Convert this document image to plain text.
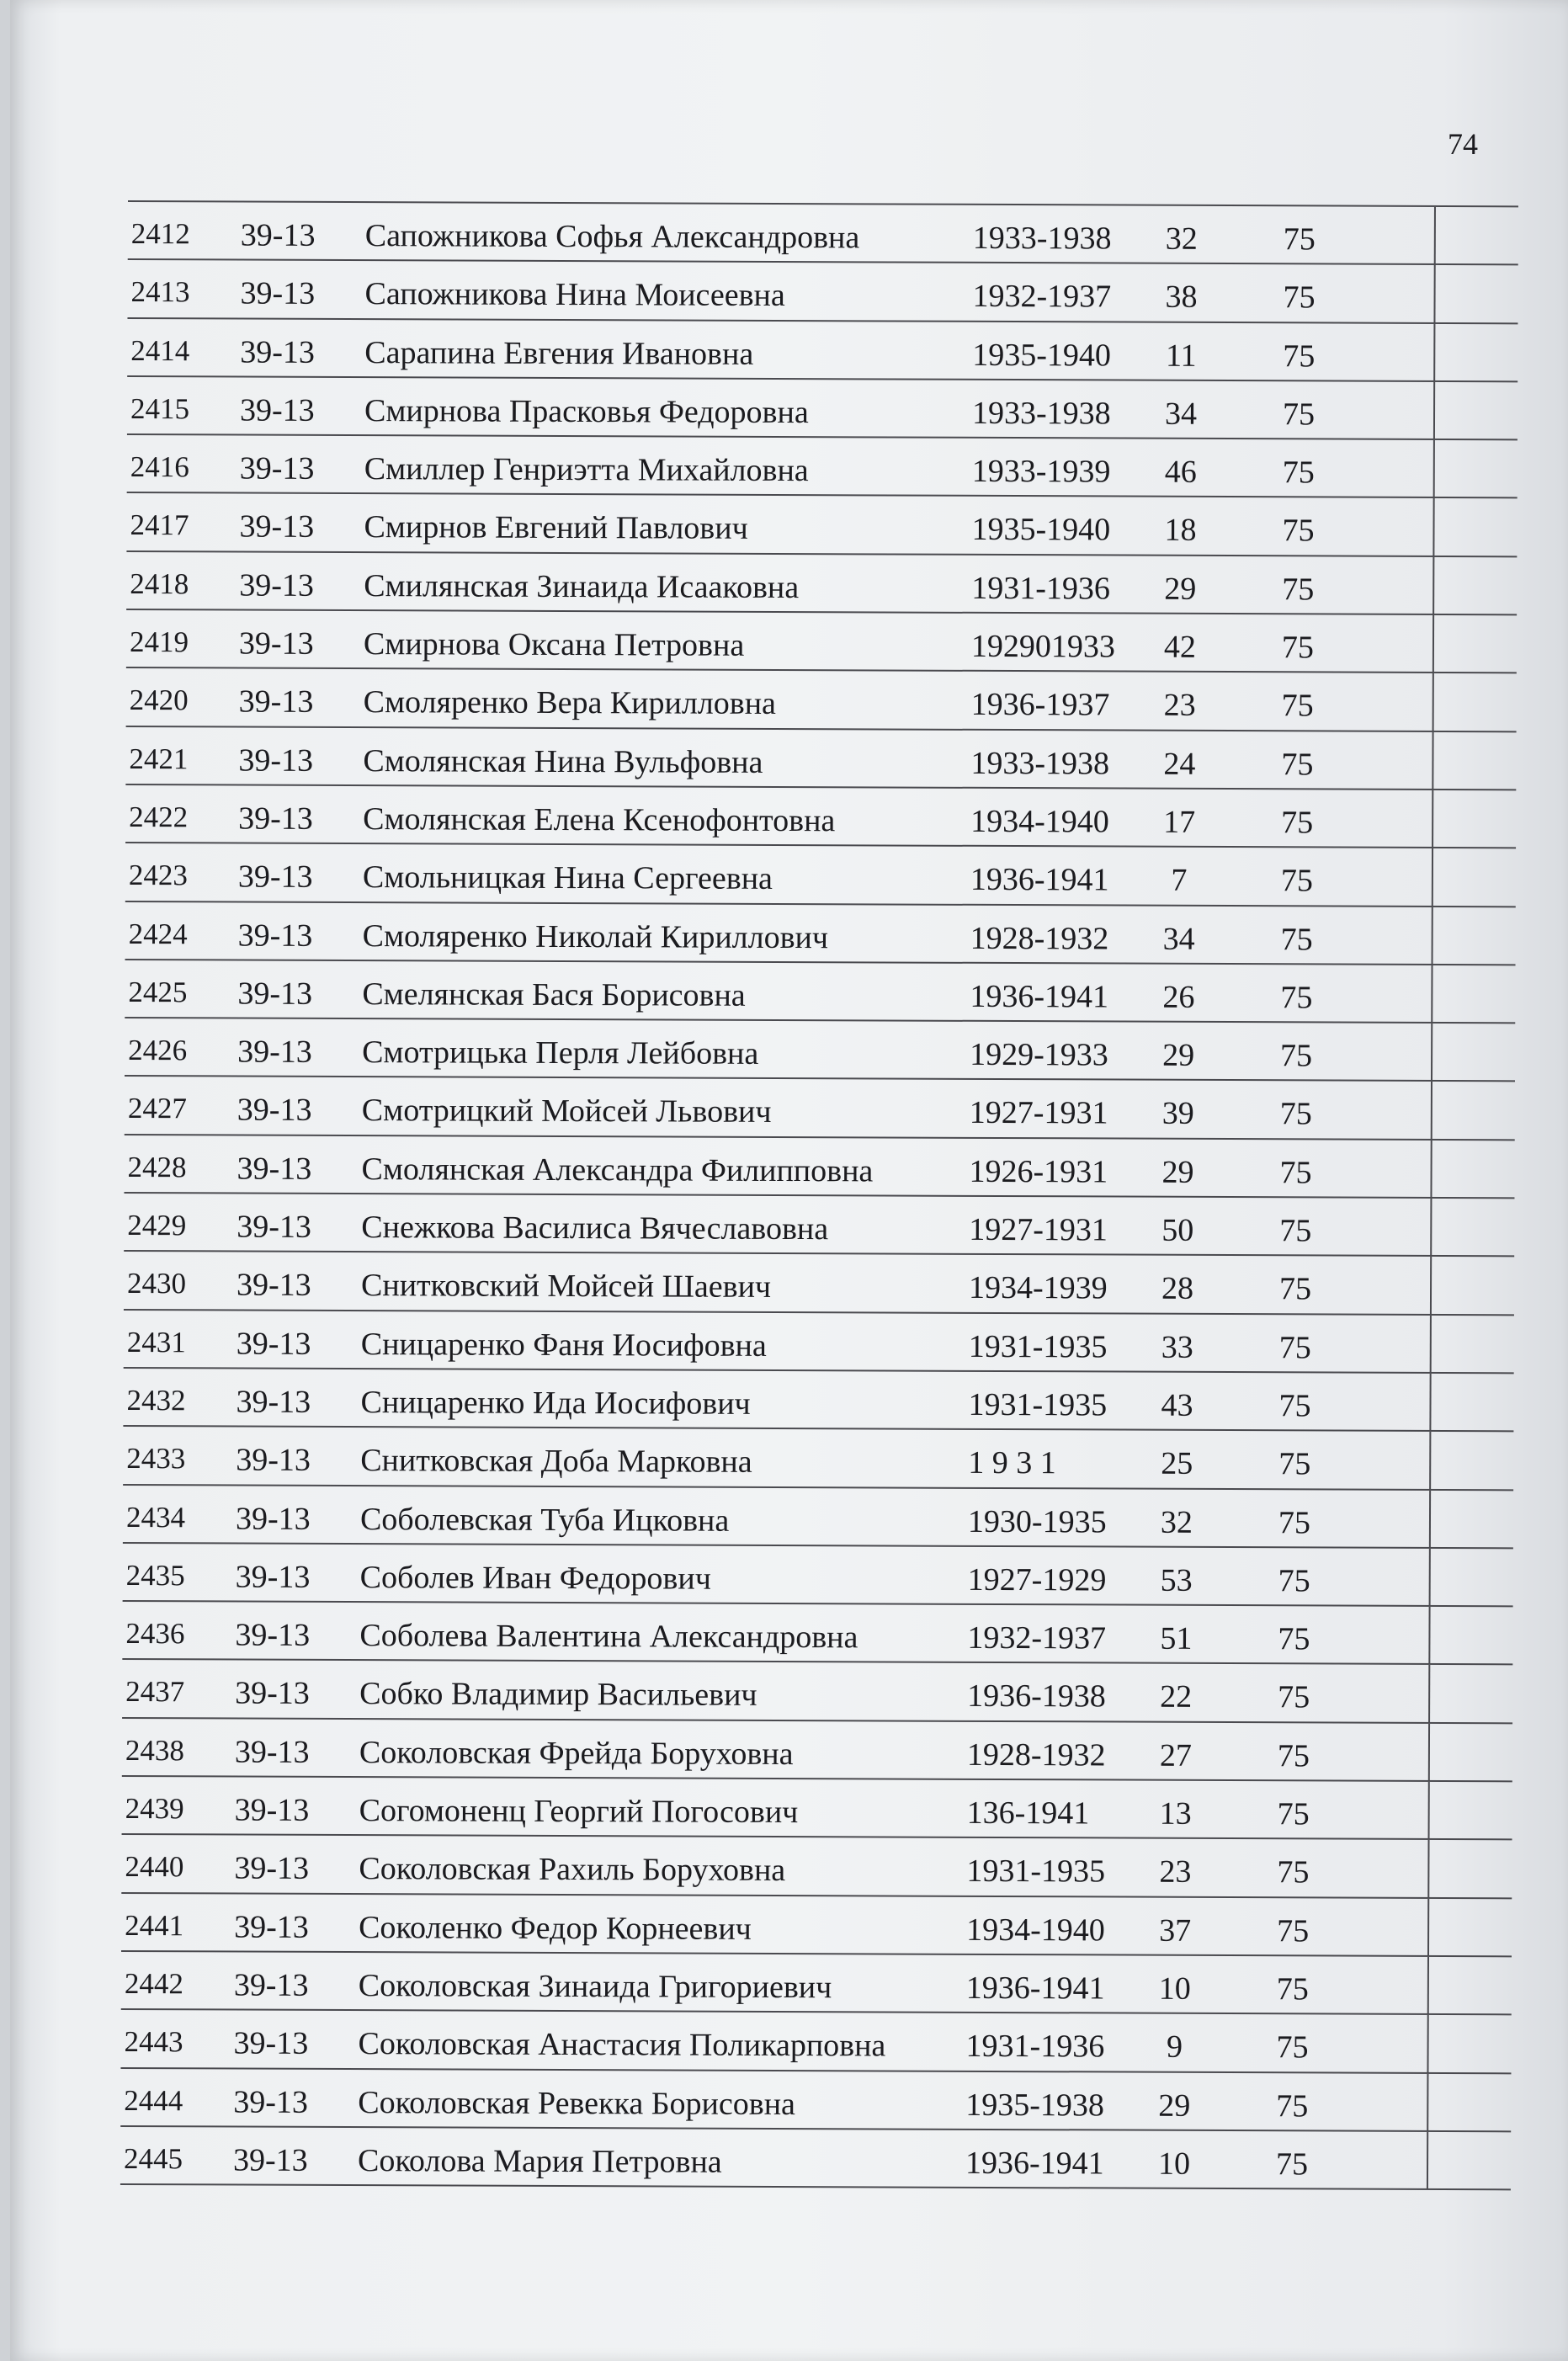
74
2412 39-13 Сапожникова Софья Александровна	1933-1938 32	75
2413 39-13 Сапожникова Нина Моисеевна	1932-1937 38	75
2414 39-13 Сарапина Евгения Ивановна	1935-1940	11	75
2415 39-13 Смирнова Прасковья Федоровна	1933-1938 34	75
2416 39-13 Смиллер Генриэтта Михайловна	1933-1939 46	75
2417 39-13 Смирнов Евгений Павлович	1935-1940 18	75
2418 39-13 Смилянская Зинаида Исааковна	1931-1936 29	75
2419 39-13 Смирнова Оксана Петровна	192901933 42	75
2420 39-13 Смоляренко Вера Кирилловна	1936-1937 23	75
2421 39-13 Смолянская Нина Вульфовна	1933-1938 24	75
2422 39-13 Смолянская Елена Ксенофонтовна	1934-1940 17	75
2423 39-13 Смольницкая Нина Сергеевна	1936-1941	7	75
2424 39-13 Смоляренко Николай Кириллович	1928-1932 34	75
2425 39-13 Смелянская Бася Борисовна	1936-1941 26	75
2426 39-13 Смотрицька Перля Лейбовна	1929-1933 29	75
2427 39-13 Смотрицкий Мойсей Львович	1927-1931 39	75
2428 39-13 Смолянская Александра Филипповна	1926-1931 29	75
2429 39-13 Снежкова Василиса Вячеславовна	1927-1931 50	75
2430 39-13 Снитковский Мойсей Шаевич	1934-1939 28	75
2431 39-13 Сницаренко Фаня Иосифовна	1931-1935 33	75
2432 39-13 Сницаренко Ида Иосифович	1931-1935 43	75
2433 39-13 Снитковская Доба Марковна	1 9 3 1	25	75
2434 39-13 Соболевская Туба Ицковна	1930-1935 32	75
2435 39-13 Соболев Иван Федорович	1927-1929 53	75
2436 39-13 Соболева Валентина Александровна	1932-1937 51	75
2437 39-13 Собко Владимир Васильевич	1936-1938 22	75
2438 39-13 Соколовская Фрейда Боруховна	1928-1932 27	75
2439 39-13 Согомоненц Георгий Погосович	136-1941 13	75
2440 39-13 Соколовская Рахиль Боруховна	1931-1935 23	75
2441 39-13 Соколенко Федор Корнеевич	1934-1940 37	75
2442 39-13 Соколовская Зинаида Григориевич	1936-1941 10	75
2443 39-13 Соколовская Анастасия Поликарповна	1931-1936	9	75
2444 39-13 Соколовская Ревекка Борисовна	1935-1938 29	75
2445 39-13 Соколова Мария Петровна	1936-1941 10	75
